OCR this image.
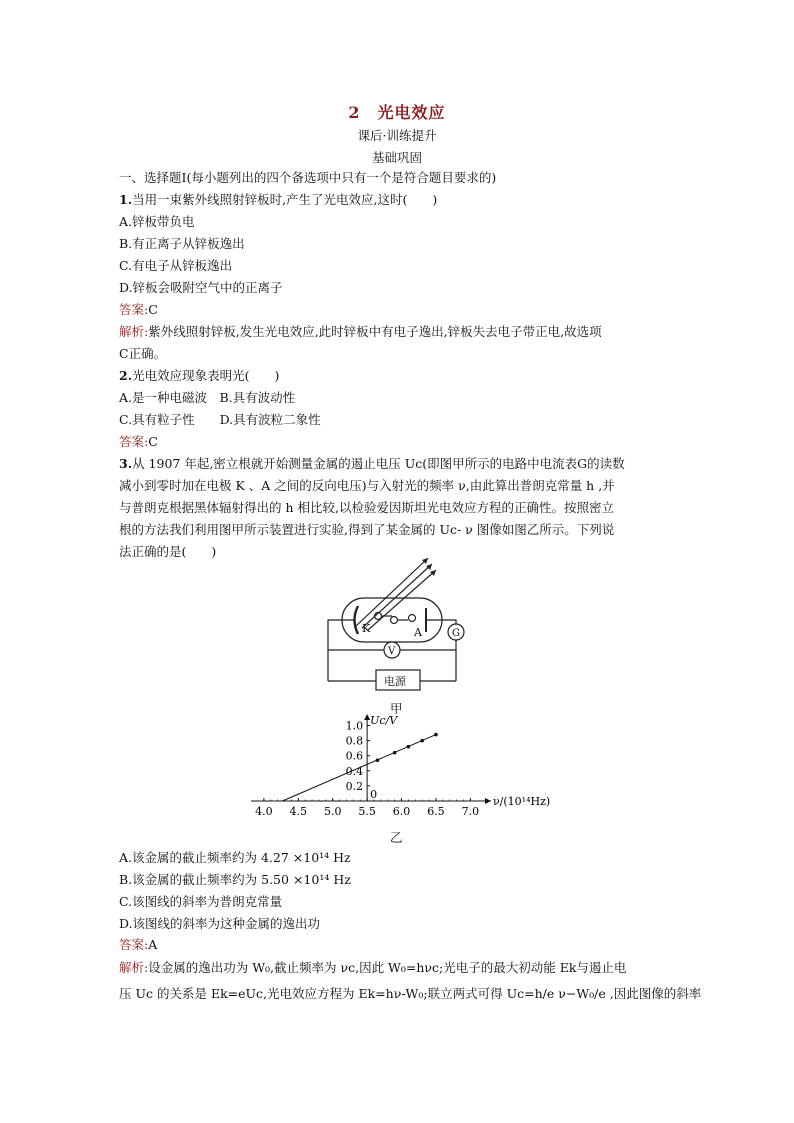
2　光电效应
课后·训练提升
基础巩固
一、选择题Ⅰ(每小题列出的四个备选项中只有一个是符合题目要求的)
1.当用一束紫外线照射锌板时,产生了光电效应,这时(　　)
A.锌板带负电
B.有正离子从锌板逸出
C.有电子从锌板逸出
D.锌板会吸附空气中的正离子
答案:C
解析:紫外线照射锌板,发生光电效应,此时锌板中有电子逸出,锌板失去电子带正电,故选项
C正确。
2.光电效应现象表明光(　　)
A.是一种电磁波　B.具有波动性
C.具有粒子性　　D.具有波粒二象性
答案:C
3.从 1907 年起,密立根就开始测量金属的遏止电压 Uc(即图甲所示的电路中电流表G的读数
减小到零时加在电极 K 、A 之间的反向电压)与入射光的频率 ν,由此算出普朗克常量 h ,并
与普朗克根据黑体辐射得出的 h 相比较,以检验爱因斯坦光电效应方程的正确性。按照密立
根的方法我们利用图甲所示装置进行实验,得到了某金属的 Uc- ν 图像如图乙所示。下列说
法正确的是(　　)
K	A
V
G
电源
甲
4.0 4.5 5.0 5.5 6.0 6.5 7.0
0.2
0.4
0.6
0.8
1.0
0
Uc/V
ν/(10¹⁴Hz)
乙
A.该金属的截止频率约为 4.27 ×10¹⁴ Hz
B.该金属的截止频率约为 5.50 ×10¹⁴ Hz
C.该图线的斜率为普朗克常量
D.该图线的斜率为这种金属的逸出功
答案:A
解析:设金属的逸出功为 W₀,截止频率为 νc,因此 W₀=hνc;光电子的最大初动能 Ek与遏止电
压 Uc 的关系是 Ek=eUc,光电效应方程为 Ek=hν-W₀;联立两式可得 Uc=h/e ν−W₀/e ,因此图像的斜率
